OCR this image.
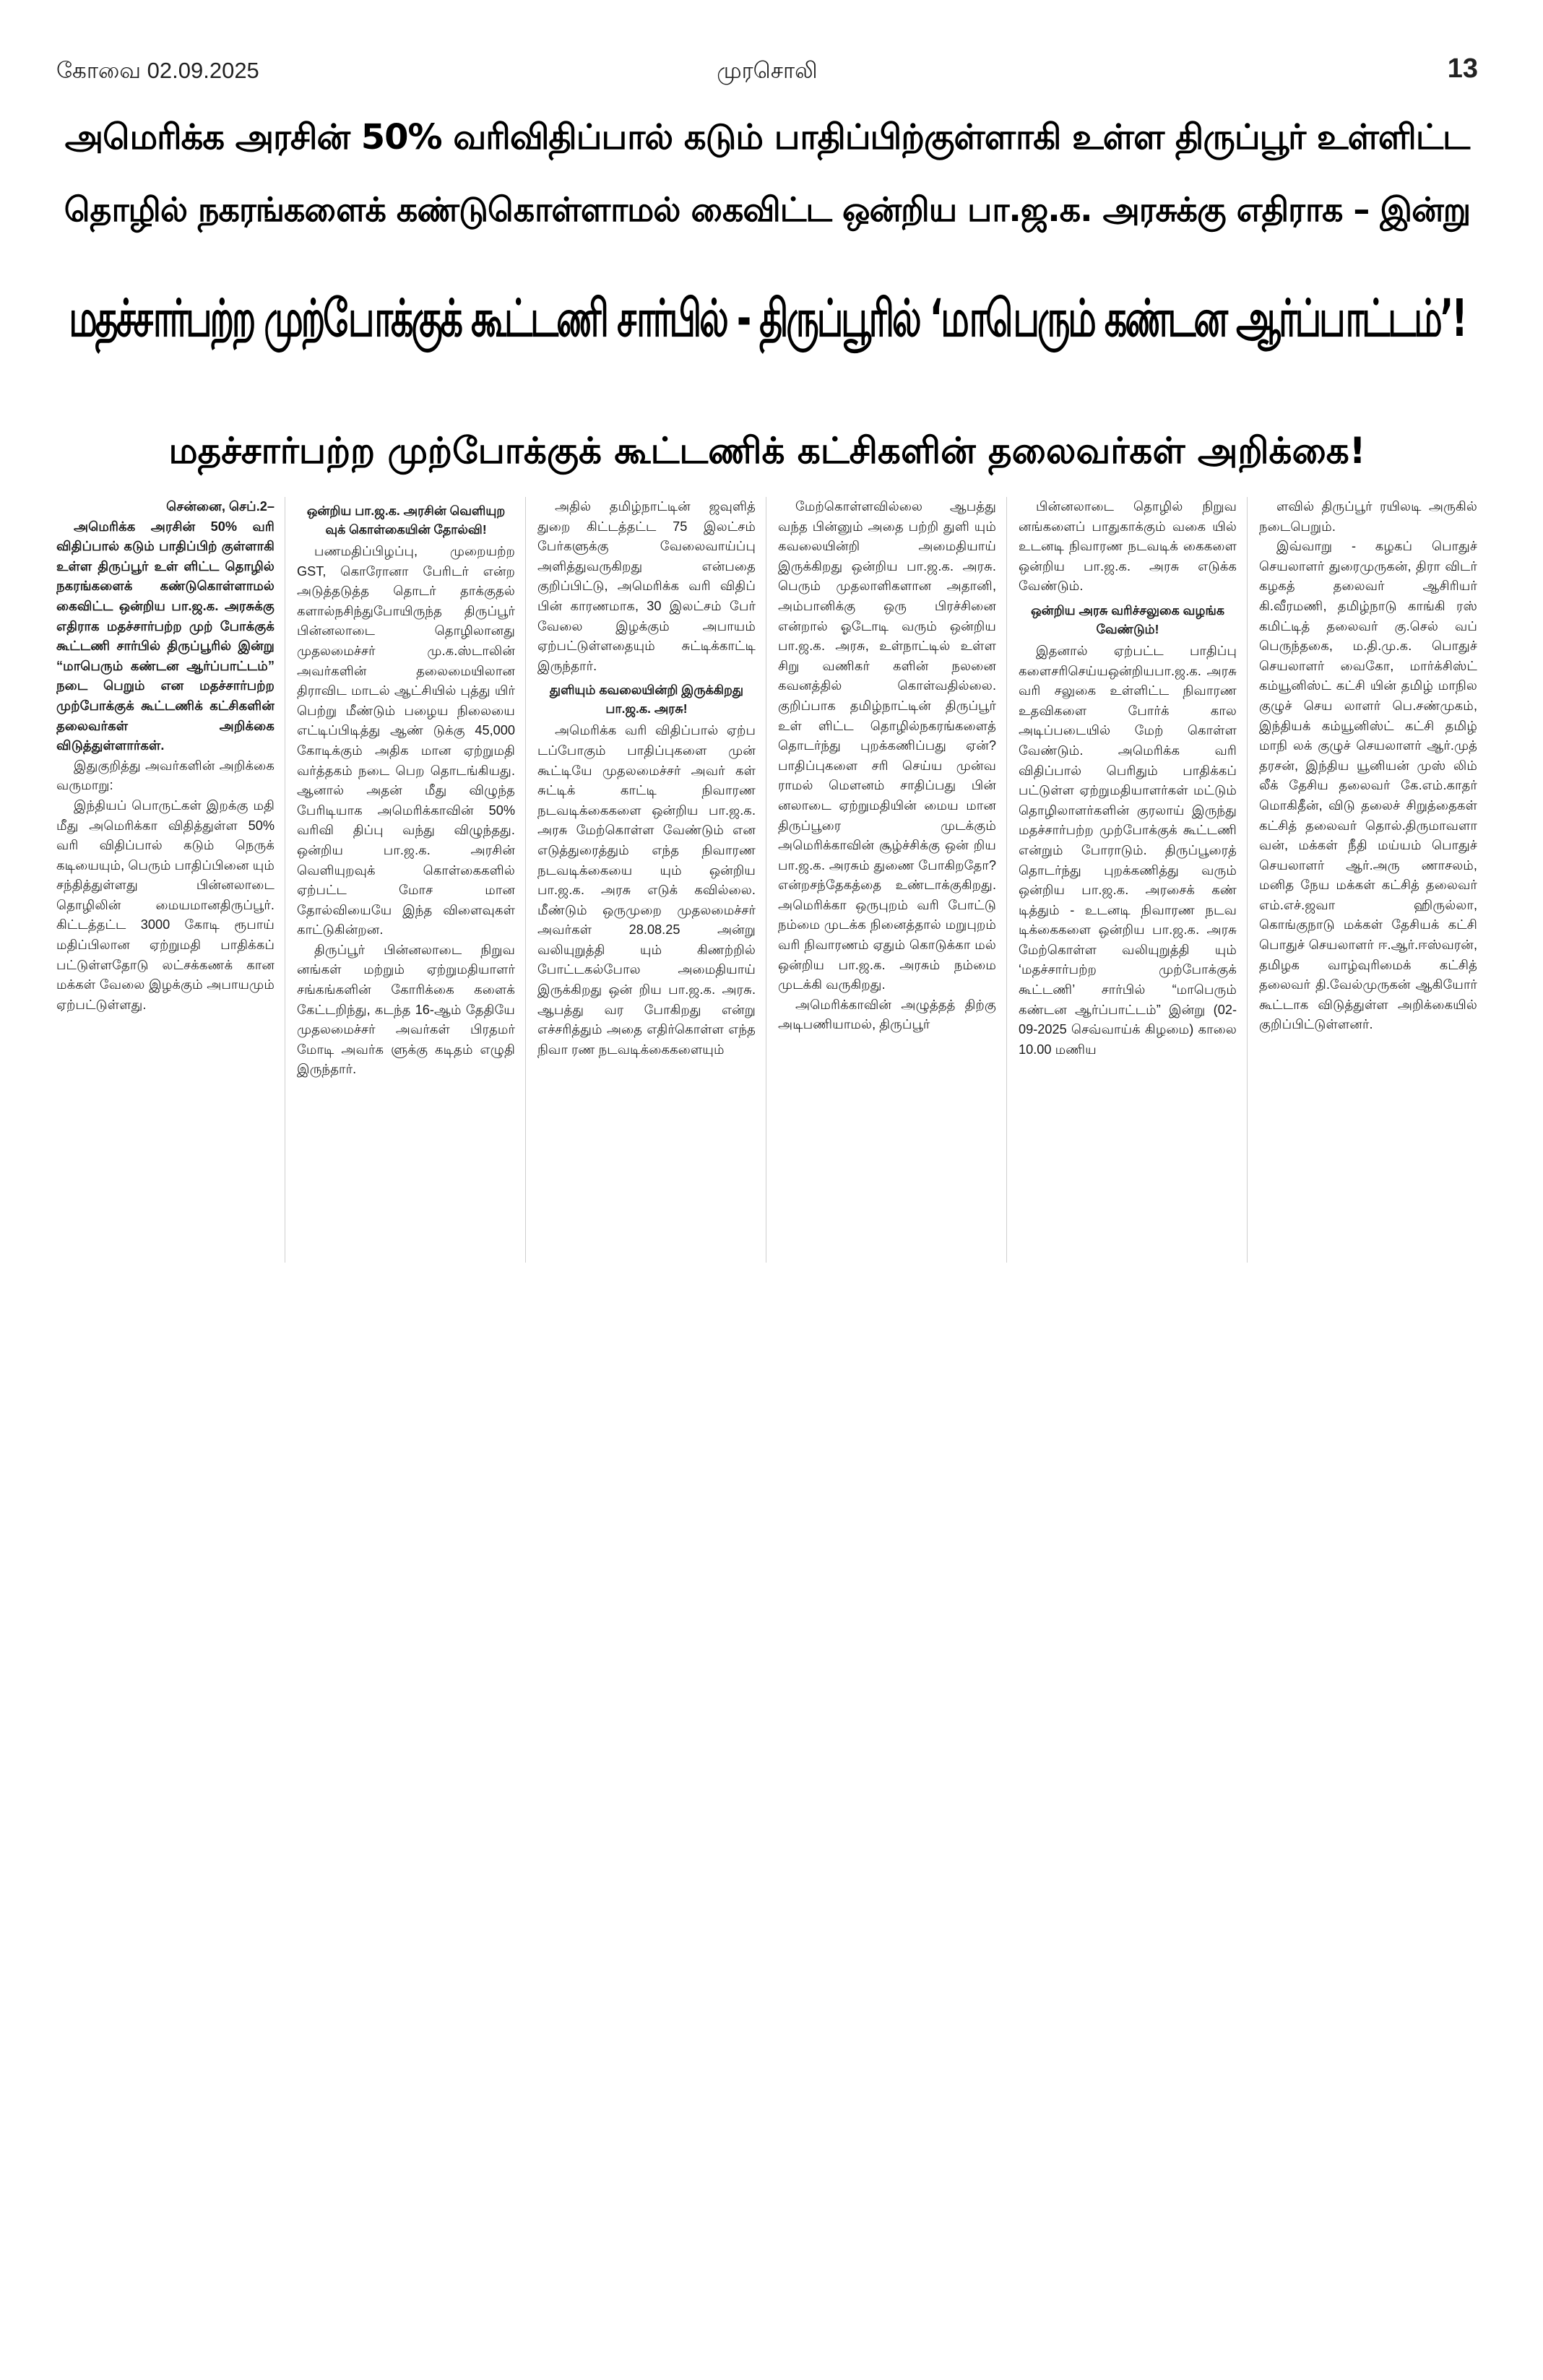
கோவை 02.09.2025	முரசொலி	13
அமெரிக்க அரசின் 50% வரிவிதிப்பால் கடும் பாதிப்பிற்குள்ளாகி உள்ள திருப்பூர் உள்ளிட்ட
தொழில் நகரங்களைக் கண்டுகொள்ளாமல் கைவிட்ட ஒன்றிய பா.ஜ.க. அரசுக்கு எதிராக – இன்று
மதச்சார்பற்ற முற்போக்குக் கூட்டணி சார்பில் - திருப்பூரில் ‘மாபெரும் கண்டன ஆர்ப்பாட்டம்’!
மதச்சார்பற்ற முற்போக்குக் கூட்டணிக் கட்சிகளின் தலைவர்கள் அறிக்கை!

சென்னை, செப்.2–

அமெரிக்க அரசின் 50% வரி விதிப்பால் கடும் பாதிப்பிற் குள்ளாகி உள்ள திருப்பூர் உள் ளிட்ட தொழில் நகரங்களைக் கண்டுகொள்ளாமல் கைவிட்ட ஒன்றிய பா.ஜ.க. அரசுக்கு எதிராக மதச்சார்பற்ற முற் போக்குக் கூட்டணி சார்பில் திருப்பூரில் இன்று “மாபெரும் கண்டன ஆர்ப்பாட்டம்” நடை பெறும் என மதச்சார்பற்ற முற்போக்குக் கூட்டணிக் கட்சிகளின் தலைவர்கள் அறிக்கை விடுத்துள்ளார்கள்.

இதுகுறித்து அவர்களின் அறிக்கை வருமாறு:

இந்தியப் பொருட்கள் இறக்கு மதி மீது அமெரிக்கா விதித்துள்ள 50% வரி விதிப்பால் கடும் நெருக் கடியையும், பெரும் பாதிப்பினை யும் சந்தித்துள்ளது பின்னலாடை தொழிலின் மையமானதிருப்பூர். கிட்டத்தட்ட 3000 கோடி ரூபாய் மதிப்பிலான ஏற்றுமதி பாதிக்கப் பட்டுள்ளதோடு லட்சக்கணக் கான மக்கள் வேலை இழக்கும் அபாயமும் ஏற்பட்டுள்ளது.

ஒன்றிய பா.ஜ.க. அரசின் வெளியுற வுக் கொள்கையின் தோல்வி!

பணமதிப்பிழப்பு, முறையற்ற GST, கொரோனா பேரிடர் என்ற அடுத்தடுத்த தொடர் தாக்குதல் களால்நசிந்துபோயிருந்த திருப்பூர் பின்னலாடை தொழிலானது முதலமைச்சர் மு.க.ஸ்டாலின் அவர்களின் தலைமையிலான திராவிட மாடல் ஆட்சியில் புத்து யிர் பெற்று மீண்டும் பழைய நிலையை எட்டிப்பிடித்து ஆண் டுக்கு 45,000 கோடிக்கும் அதிக மான ஏற்றுமதி வர்த்தகம் நடை பெற தொடங்கியது. ஆனால் அதன் மீது விழுந்த பேரிடியாக அமெரிக்காவின் 50% வரிவி திப்பு வந்து விழுந்தது. ஒன்றிய பா.ஜ.க. அரசின் வெளியுறவுக் கொள்கைகளில் ஏற்பட்ட மோச மான தோல்வியையே இந்த விளைவுகள் காட்டுகின்றன.

திருப்பூர் பின்னலாடை நிறுவ னங்கள் மற்றும் ஏற்றுமதியாளர் சங்கங்களின் கோரிக்கை களைக் கேட்டறிந்து, கடந்த 16-ஆம் தேதியே முதலமைச்சர் அவர்கள் பிரதமர் மோடி அவர்க ளுக்கு கடிதம் எழுதி இருந்தார்.

அதில் தமிழ்நாட்டின் ஜவுளித் துறை கிட்டத்தட்ட 75 இலட்சம் பேர்களுக்கு வேலைவாய்ப்பு அளித்துவருகிறது என்பதை குறிப்பிட்டு, அமெரிக்க வரி விதிப் பின் காரணமாக, 30 இலட்சம் பேர் வேலை இழக்கும் அபாயம் ஏற்பட்டுள்ளதையும் சுட்டிக்காட்டி இருந்தார்.

துளியும் கவலையின்றி இருக்கிறது பா.ஜ.க. அரசு!

அமெரிக்க வரி விதிப்பால் ஏற்ப டப்போகும் பாதிப்புகளை முன் கூட்டியே முதலமைச்சர் அவர் கள் சுட்டிக் காட்டி நிவாரண நடவடிக்கைகளை ஒன்றிய பா.ஜ.க. அரசு மேற்கொள்ள வேண்டும் என எடுத்துரைத்தும் எந்த நிவாரண நடவடிக்கையை யும் ஒன்றிய பா.ஜ.க. அரசு எடுக் கவில்லை. மீண்டும் ஒருமுறை முதலமைச்சர் அவர்கள் 28.08.25 அன்று வலியுறுத்தி யும் கிணற்றில் போட்டகல்போல அமைதியாய் இருக்கிறது ஒன் றிய பா.ஜ.க. அரசு. ஆபத்து வர போகிறது என்று எச்சரித்தும் அதை எதிர்கொள்ள எந்த நிவா ரண நடவடிக்கைகளையும்

மேற்கொள்ளவில்லை ஆபத்து வந்த பின்னும் அதை பற்றி துளி யும் கவலையின்றி அமைதியாய் இருக்கிறது ஒன்றிய பா.ஜ.க. அரசு. பெரும் முதலாளிகளான அதானி, அம்பானிக்கு ஒரு பிரச்சினை என்றால் ஓடோடி வரும் ஒன்றிய பா.ஜ.க. அரசு, உள்நாட்டில் உள்ள சிறு வணிகர் களின் நலனை கவனத்தில் கொள்வதில்லை. குறிப்பாக தமிழ்நாட்டின் திருப்பூர் உள் ளிட்ட தொழில்நகரங்களைத் தொடர்ந்து புறக்கணிப்பது ஏன்? பாதிப்புகளை சரி செய்ய முன்வ ராமல் மௌனம் சாதிப்பது பின் னலாடை ஏற்றுமதியின் மைய மான திருப்பூரை முடக்கும் அமெரிக்காவின் சூழ்ச்சிக்கு ஒன் றிய பா.ஜ.க. அரசும் துணை போகிறதோ? என்றசந்தேகத்தை உண்டாக்குகிறது. அமெரிக்கா ஒருபுறம் வரி போட்டு நம்மை முடக்க நினைத்தால் மறுபுறம் வரி நிவாரணம் ஏதும் கொடுக்கா மல் ஒன்றிய பா.ஜ.க. அரசும் நம்மை முடக்கி வருகிறது.

அமெரிக்காவின் அழுத்தத் திற்கு அடிபணியாமல், திருப்பூர்

பின்னலாடை தொழில் நிறுவ னங்களைப் பாதுகாக்கும் வகை யில் உடனடி நிவாரண நடவடிக் கைகளை ஒன்றிய பா.ஜ.க. அரசு எடுக்க வேண்டும்.

ஒன்றிய அரசு வரிச்சலுகை வழங்க வேண்டும்!

இதனால் ஏற்பட்ட பாதிப்பு களைசரிசெய்யஒன்றியபா.ஜ.க. அரசு வரி சலுகை உள்ளிட்ட நிவாரண உதவிகளை போர்க் கால அடிப்படையில் மேற் கொள்ள வேண்டும். அமெரிக்க வரி விதிப்பால் பெரிதும் பாதிக்கப் பட்டுள்ள ஏற்றுமதியாளர்கள் மட்டும் தொழிலாளர்களின் குரலாய் இருந்து மதச்சார்பற்ற முற்போக்குக் கூட்டணி என்றும் போராடும். திருப்பூரைத் தொடர்ந்து புறக்கணித்து வரும் ஒன்றிய பா.ஜ.க. அரசைக் கண் டித்தும் - உடனடி நிவாரண நடவ டிக்கைகளை ஒன்றிய பா.ஜ.க. அரசு மேற்கொள்ள வலியுறுத்தி யும் ‘மதச்சார்பற்ற முற்போக்குக் கூட்டணி’ சார்பில் “மாபெரும் கண்டன ஆர்ப்பாட்டம்” இன்று (02-09-2025 செவ்வாய்க் கிழமை) காலை 10.00 மணிய

ளவில் திருப்பூர் ரயிலடி அருகில் நடைபெறும்.

இவ்வாறு - கழகப் பொதுச் செயலாளர் துரைமுருகன், திரா விடர் கழகத் தலைவர் ஆசிரியர் கி.வீரமணி, தமிழ்நாடு காங்கி ரஸ் கமிட்டித் தலைவர் கு.செல் வப் பெருந்தகை, ம.தி.மு.க. பொதுச் செயலாளர் வைகோ, மார்க்சிஸ்ட் கம்யூனிஸ்ட் கட்சி யின் தமிழ் மாநில குழுச் செய லாளர் பெ.சண்முகம், இந்தியக் கம்யூனிஸ்ட் கட்சி தமிழ் மாநி லக் குழுச் செயலாளர் ஆர்.முத் தரசன், இந்திய யூனியன் முஸ் லிம் லீக் தேசிய தலைவர் கே.எம்.காதர் மொகிதீன், விடு தலைச் சிறுத்தைகள் கட்சித் தலைவர் தொல்.திருமாவளா வன், மக்கள் நீதி மய்யம் பொதுச் செயலாளர் ஆர்.அரு ணாசலம், மனித நேய மக்கள் கட்சித் தலைவர் எம்.எச்.ஜவா ஹிருல்லா, கொங்குநாடு மக்கள் தேசியக் கட்சி பொதுச் செயலாளர் ஈ.ஆர்.ஈஸ்வரன், தமிழக வாழ்வுரிமைக் கட்சித் தலைவர் தி.வேல்முருகன் ஆகியோர் கூட்டாக விடுத்துள்ள அறிக்கையில் குறிப்பிட்டுள்ளனர்.
